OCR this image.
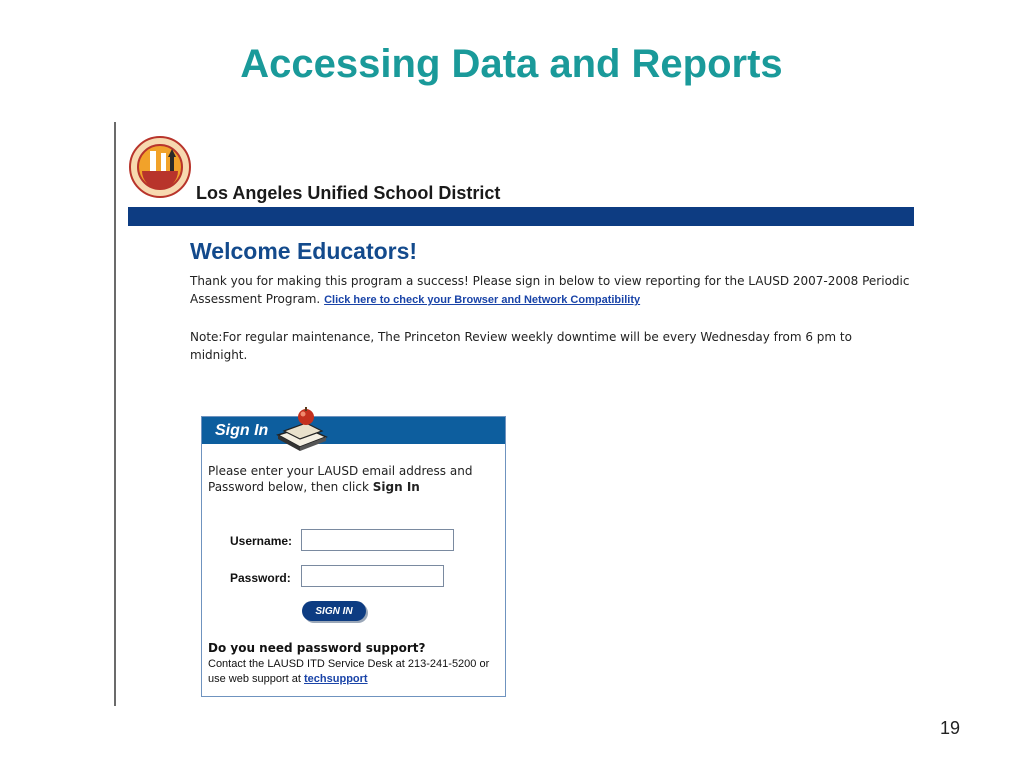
Accessing Data and Reports
Los Angeles Unified School District
Welcome Educators!
Thank you for making this program a success! Please sign in below to view reporting for the LAUSD 2007-2008 Periodic Assessment Program. Click here to check your Browser and Network Compatibility
Note:For regular maintenance, The Princeton Review weekly downtime will be every Wednesday from 6 pm to midnight.
Sign In
Please enter your LAUSD email address and Password below, then click Sign In
Username:
Password:
SIGN IN
Do you need password support?
Contact the LAUSD ITD Service Desk at 213-241-5200 or use web support at techsupport
19
